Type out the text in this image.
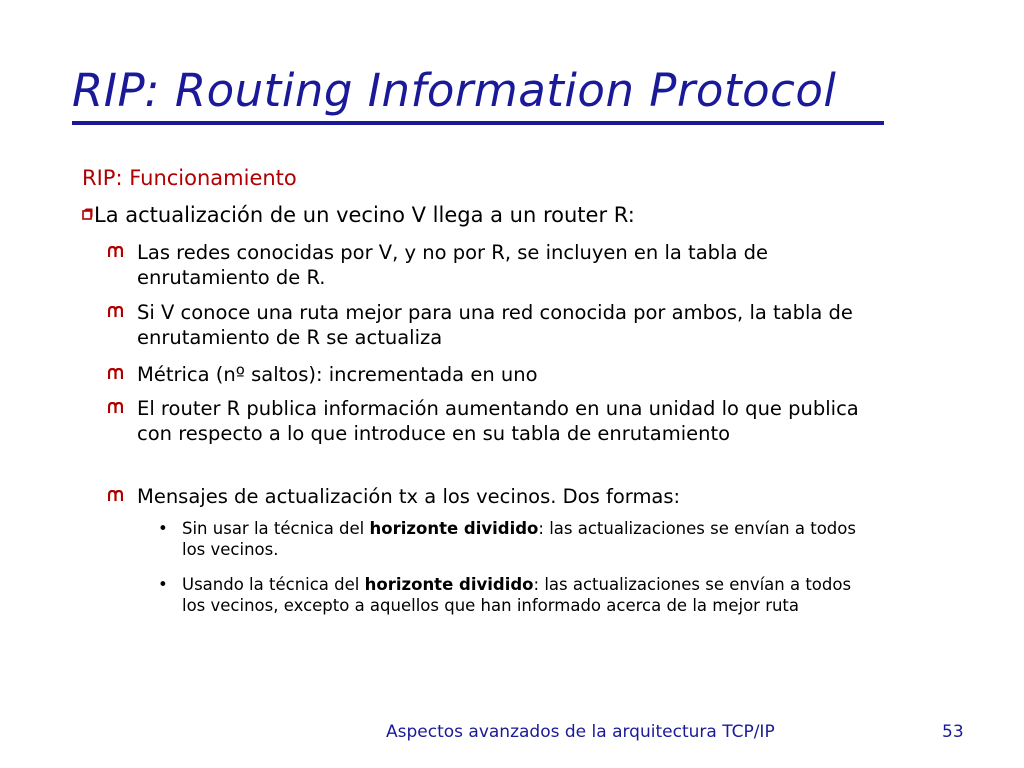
RIP: Routing Information Protocol
RIP: Funcionamiento
La actualización de un vecino V llega a un router R:
Las redes conocidas por V, y no por R, se incluyen en la tabla de enrutamiento de R.
Si V conoce una ruta mejor para una red conocida por ambos, la tabla de enrutamiento de R se actualiza
Métrica (nº saltos): incrementada en uno
El router R publica información aumentando en una unidad lo que publica con respecto a lo que introduce en su tabla de enrutamiento
Mensajes de actualización tx a los vecinos. Dos formas:
• Sin usar la técnica del horizonte dividido: las actualizaciones se envían a todos los vecinos.
• Usando la técnica del horizonte dividido: las actualizaciones se envían a todos los vecinos, excepto a aquellos que han informado acerca de la mejor ruta
Aspectos avanzados de la arquitectura TCP/IP	53
